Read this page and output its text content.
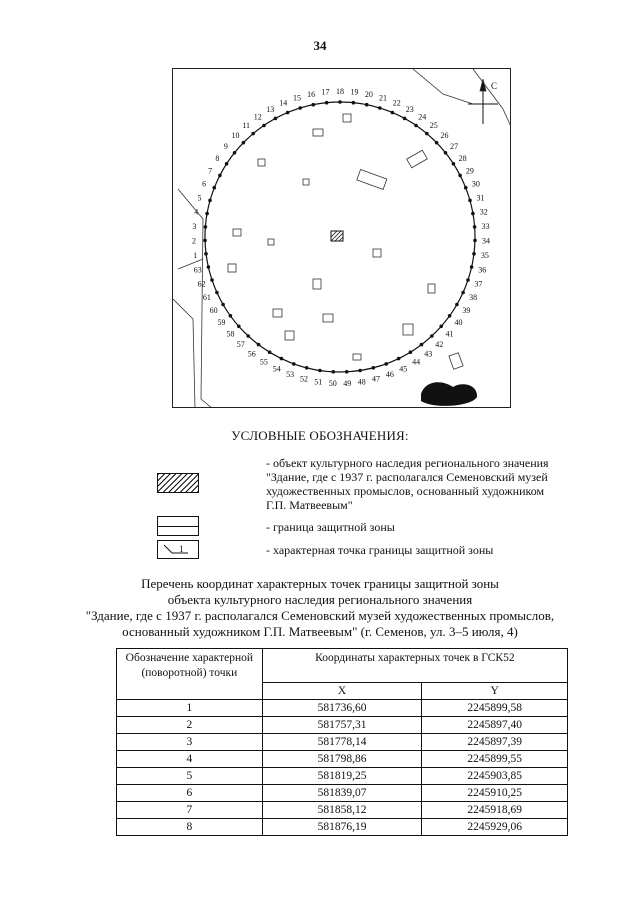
34
1
2
3
4
5
6
7
8
9
10
11
12
13
14
15 16 17 18 19 20 21
22
23
24
25
26
27
28
29
30
31
32
33
34
35
36
37
38
39
40
41
42
43
44
45
46
47
48
49
50
51
52
53
54
55
56
57
58
59
60
61
62
63
С
УСЛОВНЫЕ ОБОЗНАЧЕНИЯ:
- объект культурного наследия регионального значения "Здание, где с 1937 г. располагался Семеновский музей художественных промыслов, основанный художником Г.П. Матвеевым"
- граница защитной зоны
1	- характерная точка границы защитной зоны
Перечень координат характерных точек границы защитной зоны
объекта культурного наследия регионального значения
"Здание, где с 1937 г. располагался Семеновский музей художественных промыслов,
основанный художником Г.П. Матвеевым" (г. Семенов, ул. 3–5 июля, 4)
Обозначение характерной (поворотной) точки	Координаты характерных точек в ГСК52	
	X	Y
1	581736,60	2245899,58
2	581757,31	2245897,40
3	581778,14	2245897,39
4	581798,86	2245899,55
5	581819,25	2245903,85
6	581839,07	2245910,25
7	581858,12	2245918,69
8	581876,19	2245929,06
